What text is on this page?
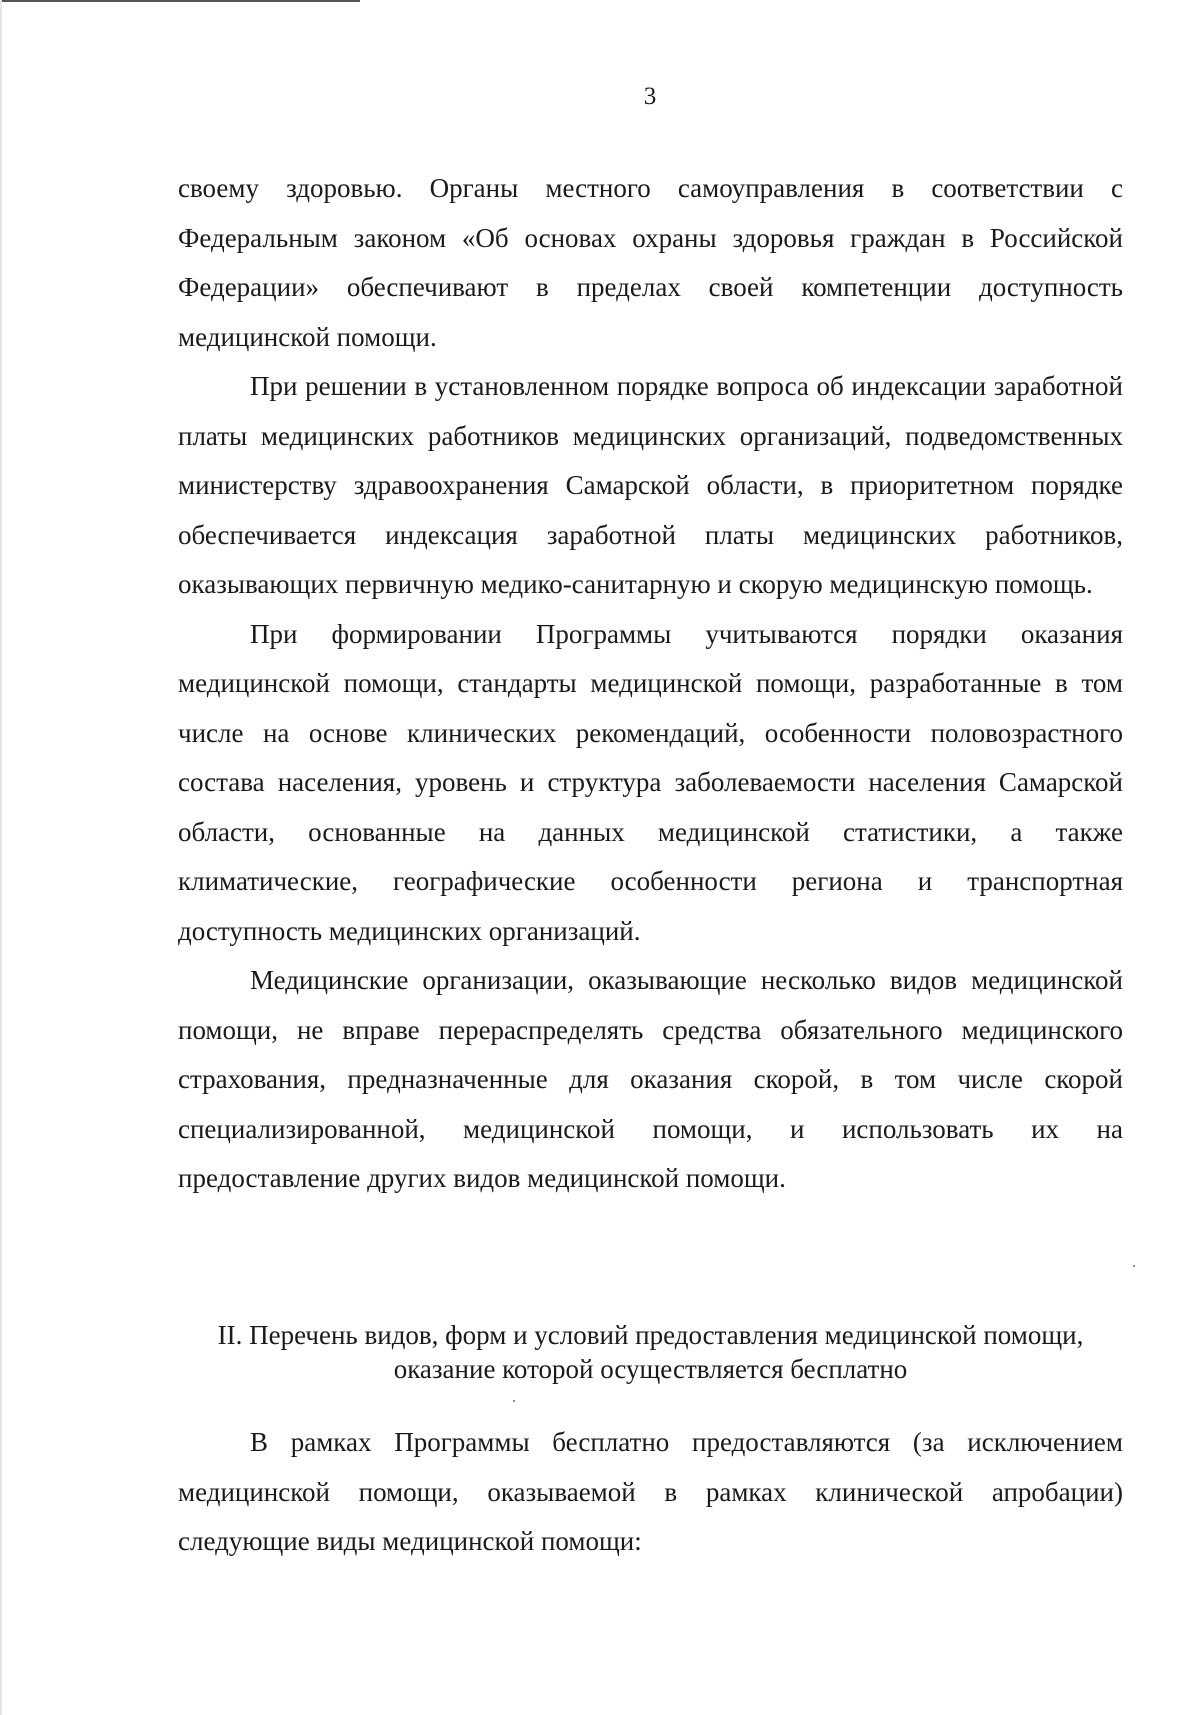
3

своему здоровью. Органы местного самоуправления в соответствии с Федеральным законом «Об основах охраны здоровья граждан в Российской Федерации» обеспечивают в пределах своей компетенции доступность медицинской помощи.

При решении в установленном порядке вопроса об индексации заработной платы медицинских работников медицинских организаций, подведомственных министерству здравоохранения Самарской области, в приоритетном порядке обеспечивается индексация заработной платы медицинских работников, оказывающих первичную медико-санитарную и скорую медицинскую помощь.

При формировании Программы учитываются порядки оказания медицинской помощи, стандарты медицинской помощи, разработанные в том числе на основе клинических рекомендаций, особенности половозрастного состава населения, уровень и структура заболеваемости населения Самарской области, основанные на данных медицинской статистики, а также климатические, географические особенности региона и транспортная доступность медицинских организаций.

Медицинские организации, оказывающие несколько видов медицинской помощи, не вправе перераспределять средства обязательного медицинского страхования, предназначенные для оказания скорой, в том числе скорой специализированной, медицинской помощи, и использовать их на предоставление других видов медицинской помощи.

II. Перечень видов, форм и условий предоставления медицинской помощи,
оказание которой осуществляется бесплатно

В рамках Программы бесплатно предоставляются (за исключением медицинской помощи, оказываемой в рамках клинической апробации) следующие виды медицинской помощи:
